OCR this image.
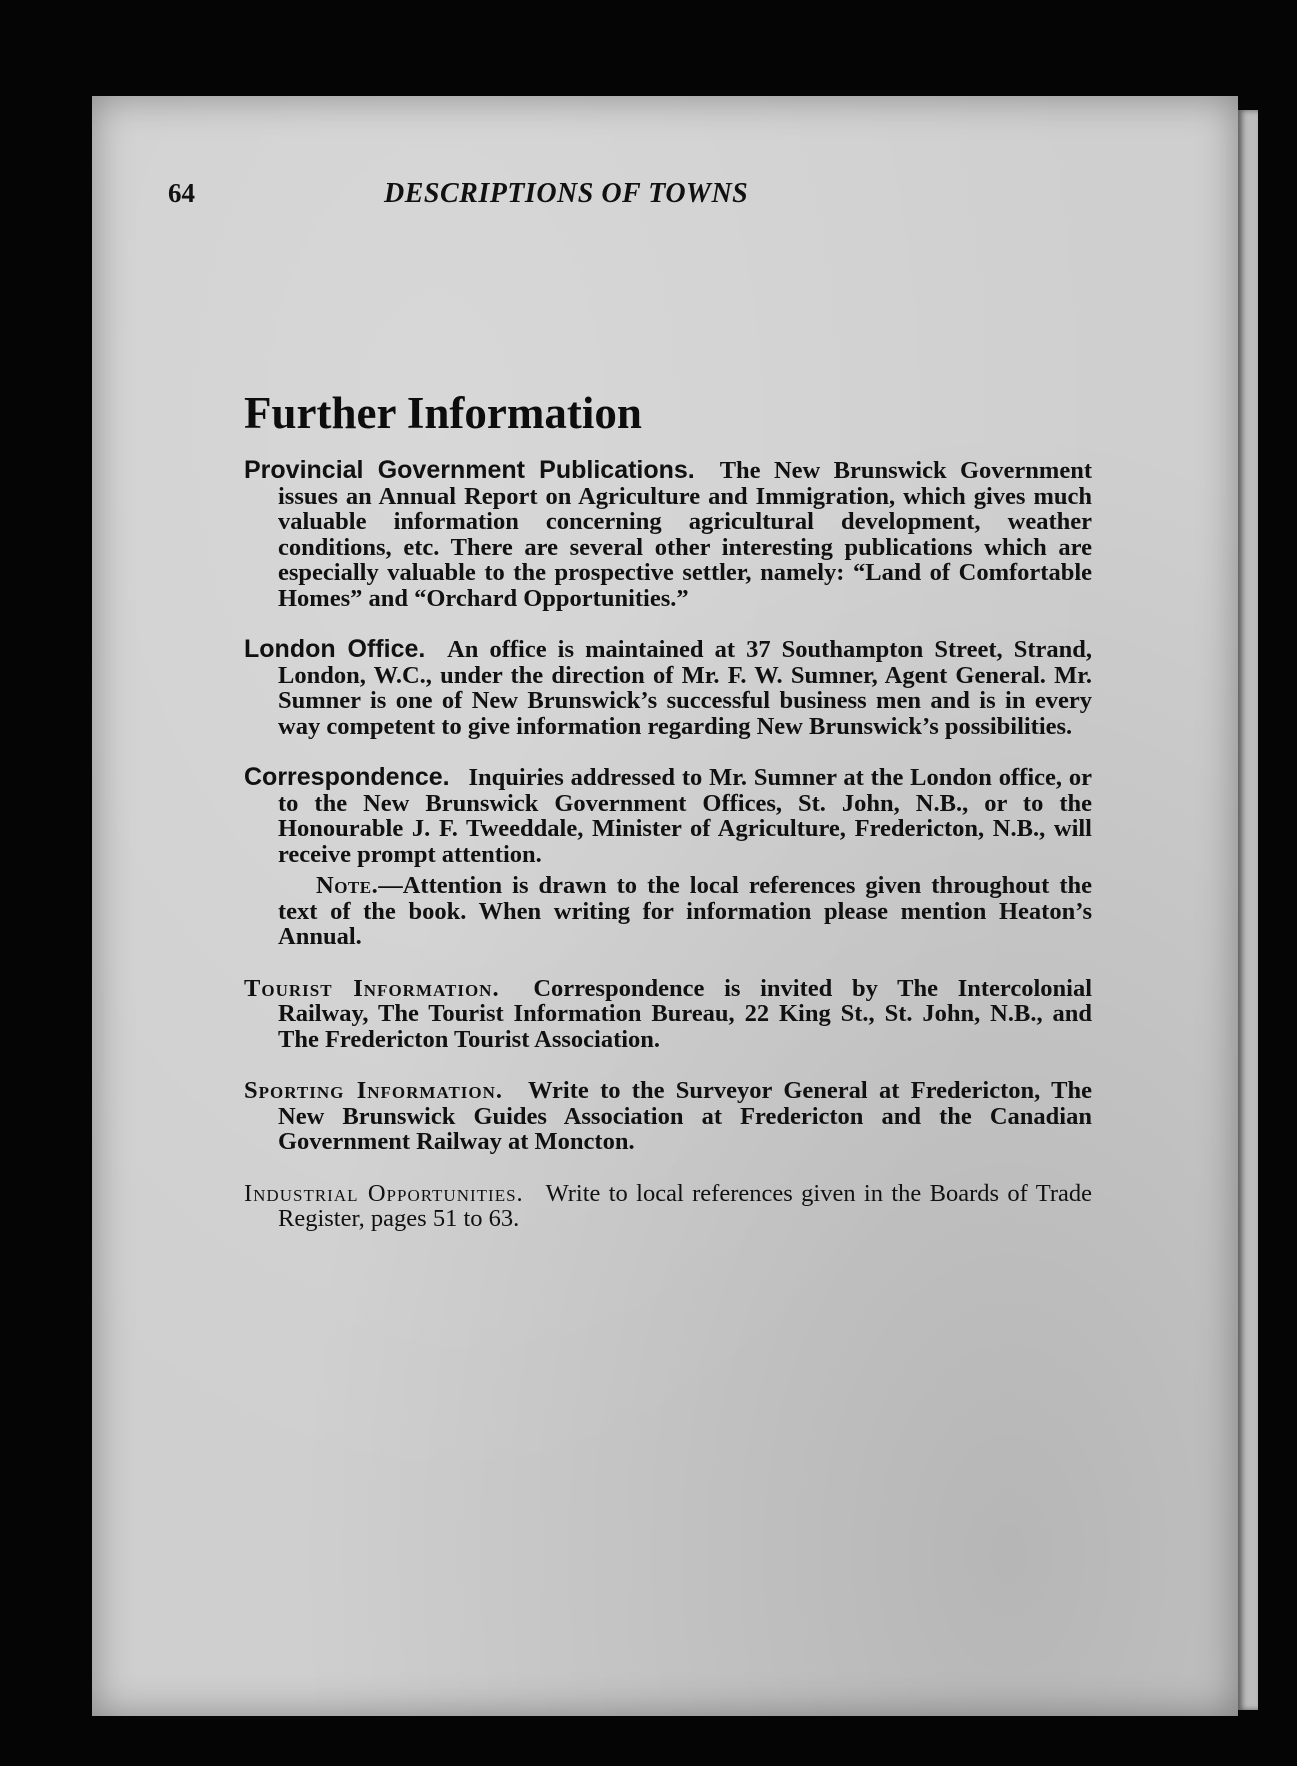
64	DESCRIPTIONS OF TOWNS
Further Information

Provincial Government Publications. The New Brunswick Government issues an Annual Report on Agriculture and Immigration, which gives much valuable information concerning agricultural development, weather conditions, etc. There are several other interesting publications which are especially valuable to the prospective settler, namely: “Land of Comfortable Homes” and “Orchard Opportunities.”

London Office. An office is maintained at 37 Southampton Street, Strand, London, W.C., under the direction of Mr. F. W. Sumner, Agent General. Mr. Sumner is one of New Brunswick’s successful business men and is in every way competent to give information regarding New Brunswick’s possibilities.

Correspondence. Inquiries addressed to Mr. Sumner at the London office, or to the New Brunswick Government Offices, St. John, N.B., or to the Honourable J. F. Tweeddale, Minister of Agriculture, Fredericton, N.B., will receive prompt attention.

Note.—Attention is drawn to the local references given throughout the text of the book. When writing for information please mention Heaton’s Annual.

Tourist Information. Correspondence is invited by The Intercolonial Railway, The Tourist Information Bureau, 22 King St., St. John, N.B., and The Fredericton Tourist Association.

Sporting Information. Write to the Surveyor General at Fredericton, The New Brunswick Guides Association at Fredericton and the Canadian Government Railway at Moncton.

Industrial Opportunities. Write to local references given in the Boards of Trade Register, pages 51 to 63.
